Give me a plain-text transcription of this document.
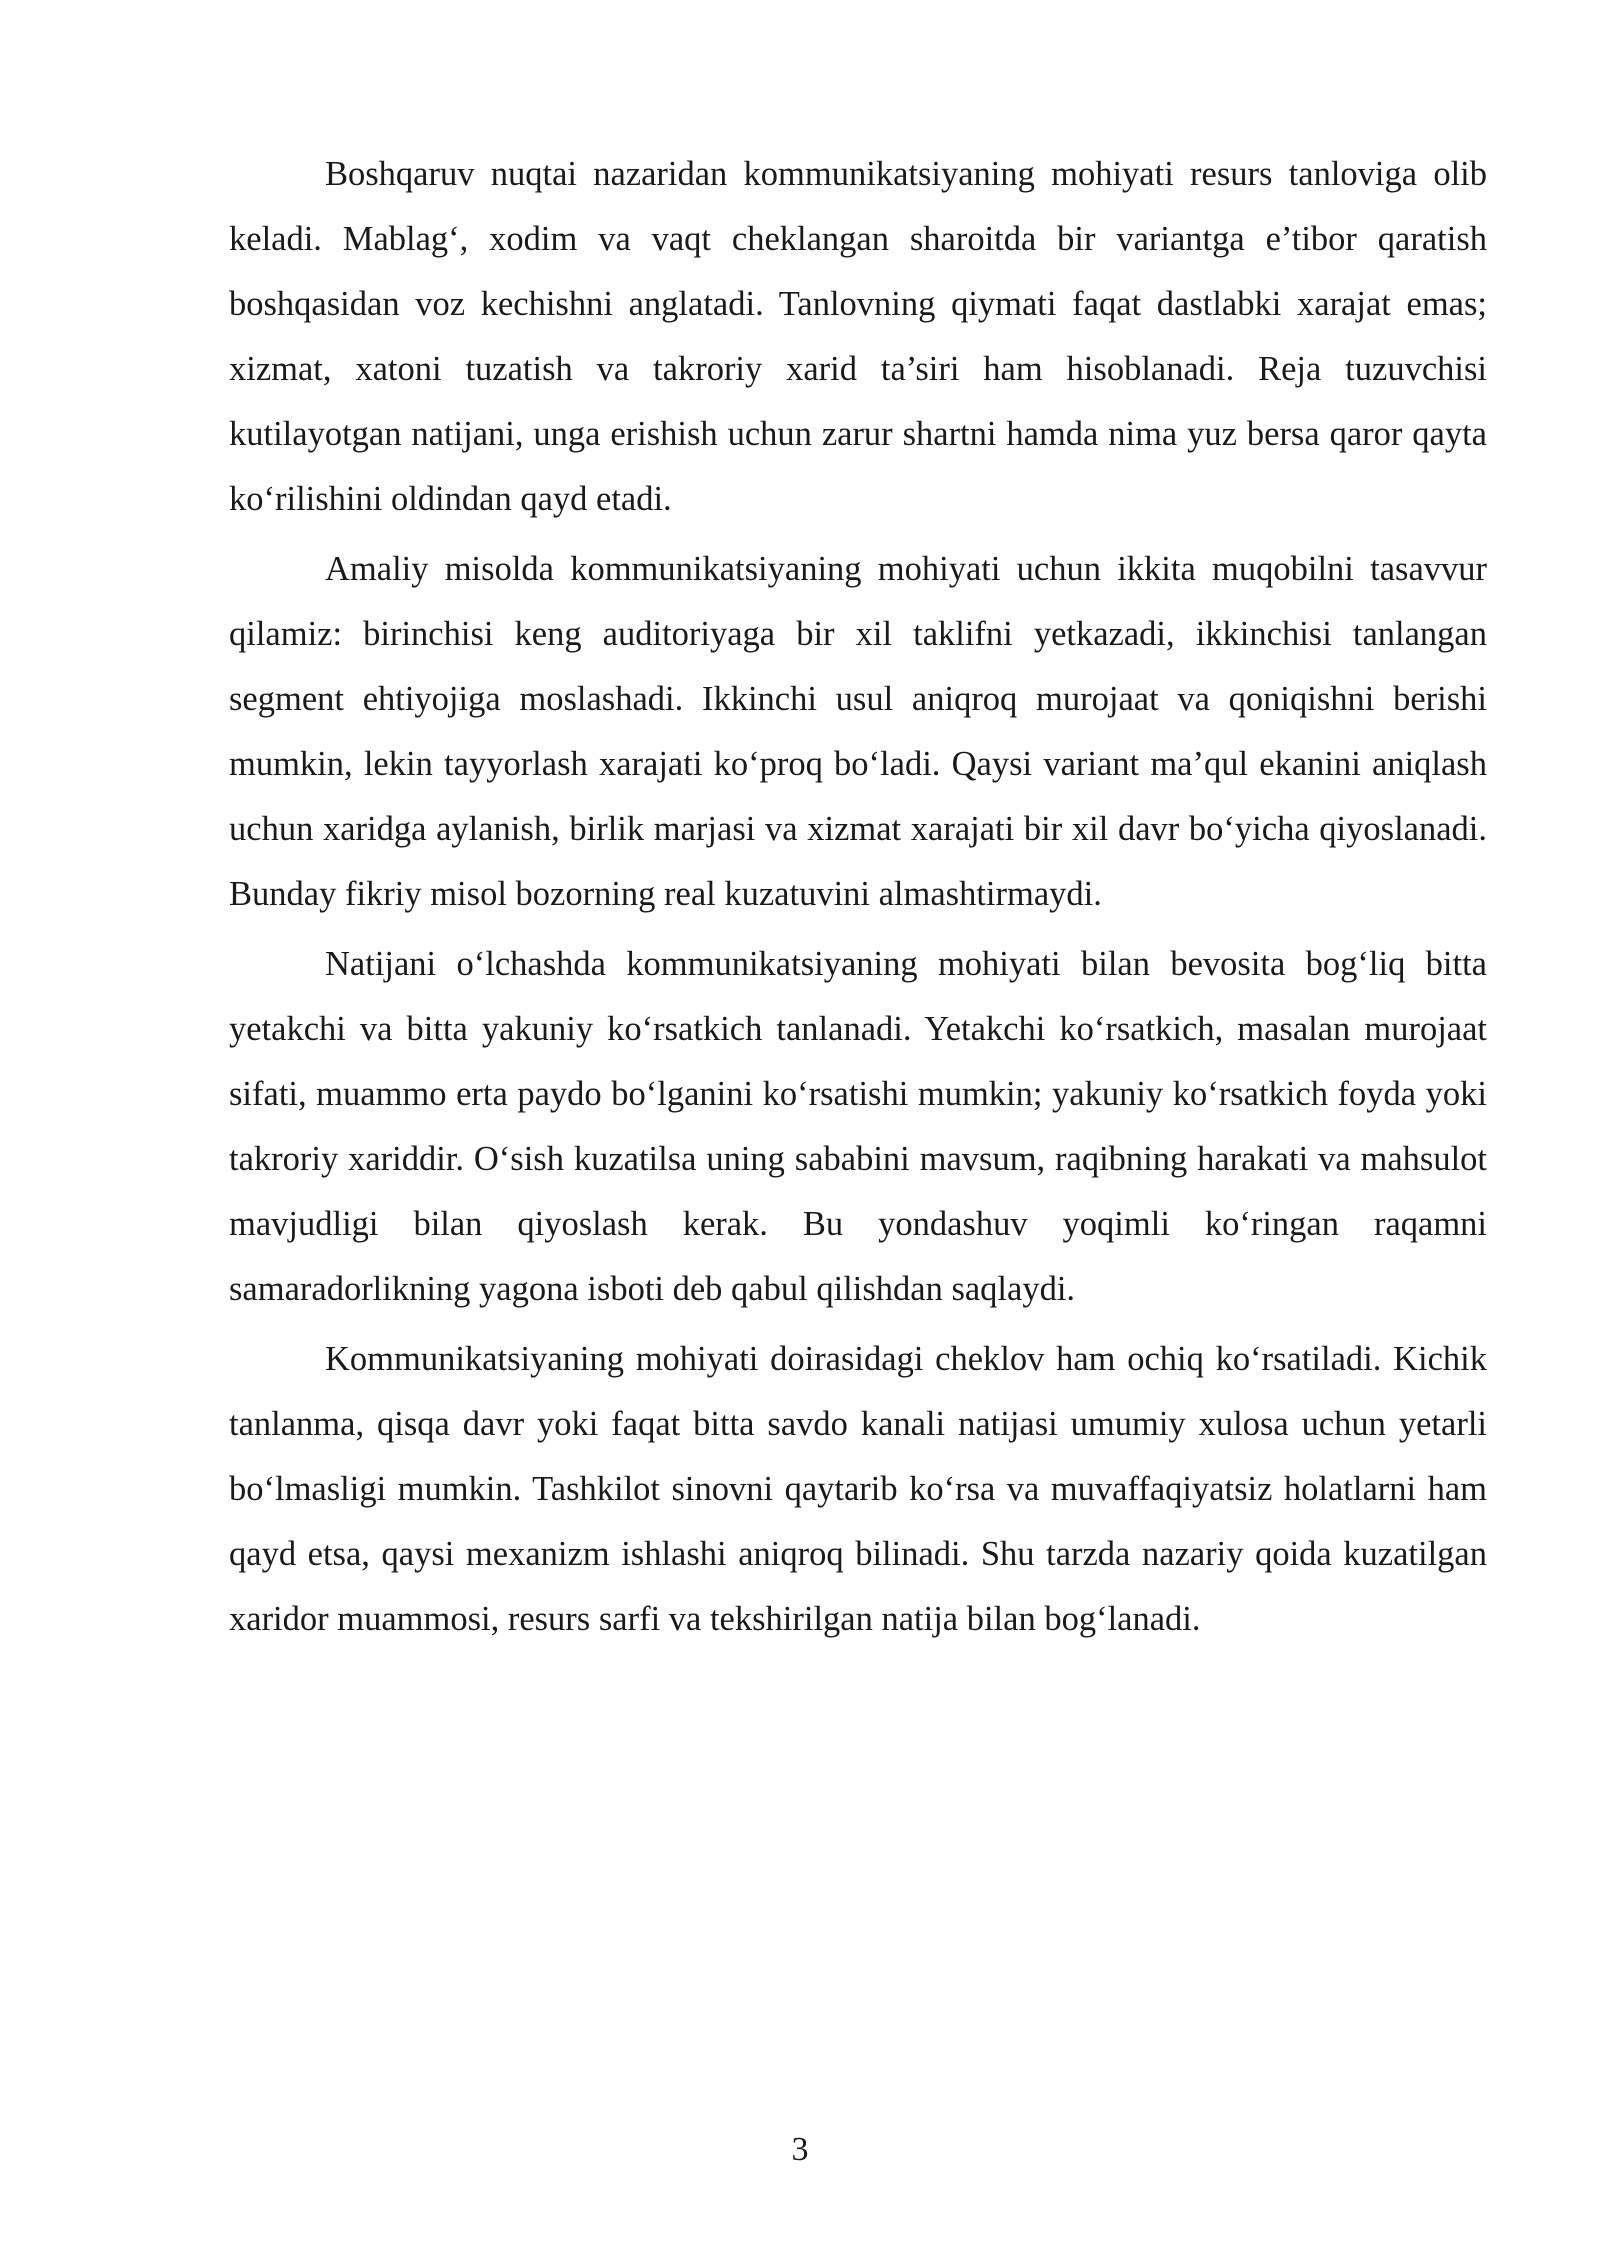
Boshqaruv nuqtai nazaridan kommunikatsiyaning mohiyati resurs tanloviga olib keladi. Mablag‘, xodim va vaqt cheklangan sharoitda bir variantga e’tibor qaratish boshqasidan voz kechishni anglatadi. Tanlovning qiymati faqat dastlabki xarajat emas; xizmat, xatoni tuzatish va takroriy xarid ta’siri ham hisoblanadi. Reja tuzuvchisi kutilayotgan natijani, unga erishish uchun zarur shartni hamda nima yuz bersa qaror qayta ko‘rilishini oldindan qayd etadi.

Amaliy misolda kommunikatsiyaning mohiyati uchun ikkita muqobilni tasavvur qilamiz: birinchisi keng auditoriyaga bir xil taklifni yetkazadi, ikkinchisi tanlangan segment ehtiyojiga moslashadi. Ikkinchi usul aniqroq murojaat va qoniqishni berishi mumkin, lekin tayyorlash xarajati ko‘proq bo‘ladi. Qaysi variant ma’qul ekanini aniqlash uchun xaridga aylanish, birlik marjasi va xizmat xarajati bir xil davr bo‘yicha qiyoslanadi. Bunday fikriy misol bozorning real kuzatuvini almashtirmaydi.

Natijani o‘lchashda kommunikatsiyaning mohiyati bilan bevosita bog‘liq bitta yetakchi va bitta yakuniy ko‘rsatkich tanlanadi. Yetakchi ko‘rsatkich, masalan murojaat sifati, muammo erta paydo bo‘lganini ko‘rsatishi mumkin; yakuniy ko‘rsatkich foyda yoki takroriy xariddir. O‘sish kuzatilsa uning sababini mavsum, raqibning harakati va mahsulot mavjudligi bilan qiyoslash kerak. Bu yondashuv yoqimli ko‘ringan raqamni samaradorlikning yagona isboti deb qabul qilishdan saqlaydi.

Kommunikatsiyaning mohiyati doirasidagi cheklov ham ochiq ko‘rsatiladi. Kichik tanlanma, qisqa davr yoki faqat bitta savdo kanali natijasi umumiy xulosa uchun yetarli bo‘lmasligi mumkin. Tashkilot sinovni qaytarib ko‘rsa va muvaffaqiyatsiz holatlarni ham qayd etsa, qaysi mexanizm ishlashi aniqroq bilinadi. Shu tarzda nazariy qoida kuzatilgan xaridor muammosi, resurs sarfi va tekshirilgan natija bilan bog‘lanadi.

3
